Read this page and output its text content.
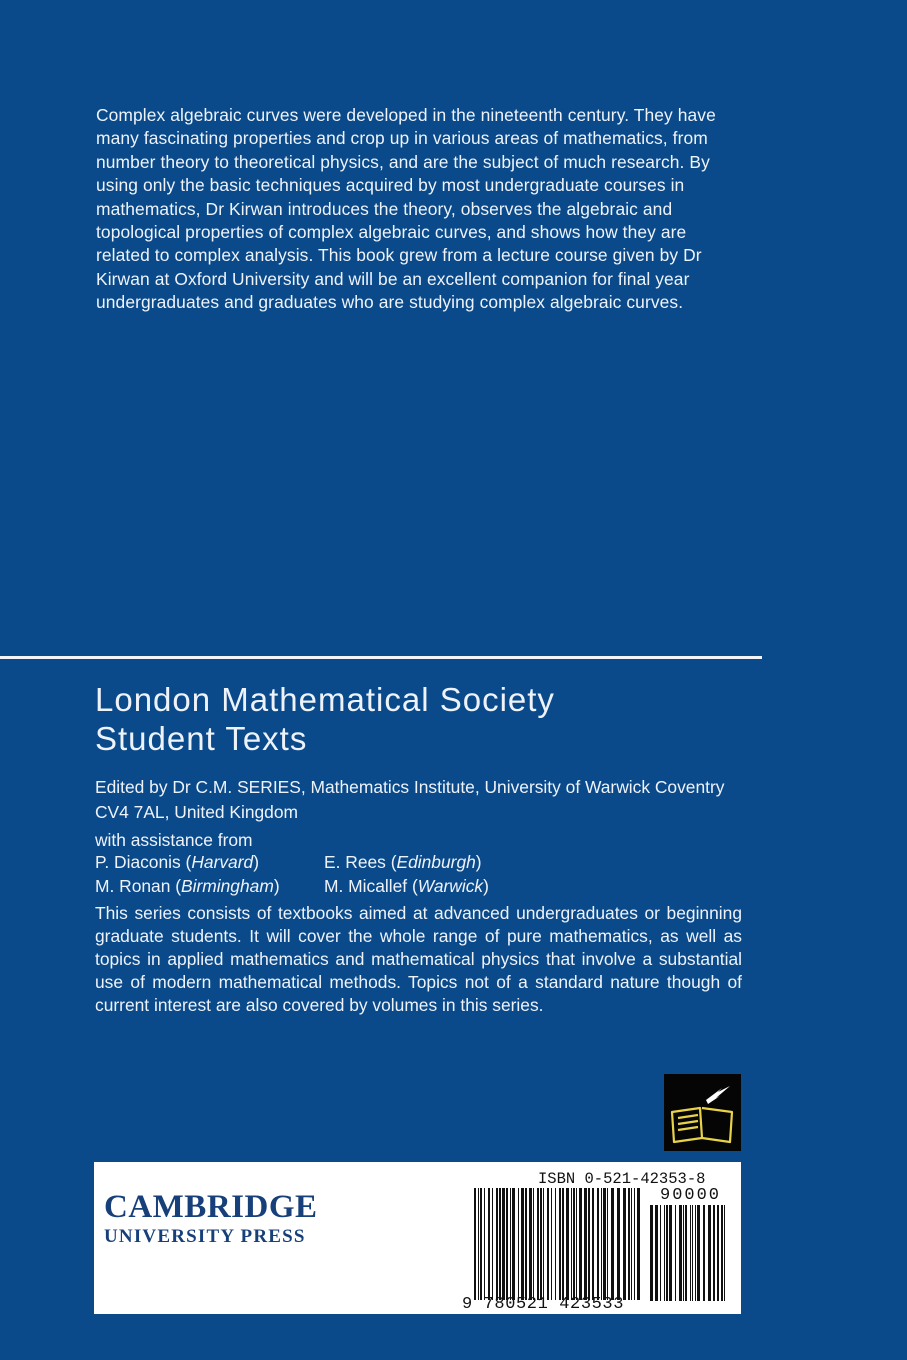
Complex algebraic curves were developed in the nineteenth century. They have many fascinating properties and crop up in various areas of mathematics, from number theory to theoretical physics, and are the subject of much research. By using only the basic techniques acquired by most undergraduate courses in mathematics, Dr Kirwan introduces the theory, observes the algebraic and topological properties of complex algebraic curves, and shows how they are related to complex analysis. This book grew from a lecture course given by Dr Kirwan at Oxford University and will be an excellent companion for final year undergraduates and graduates who are studying complex algebraic curves.
London Mathematical Society
Student Texts
Edited by Dr C.M. SERIES, Mathematics Institute, University of Warwick Coventry CV4 7AL, United Kingdom
with assistance from
P. Diaconis (Harvard)	E. Rees (Edinburgh)
M. Ronan (Birmingham)	M. Micallef (Warwick)
This series consists of textbooks aimed at advanced undergraduates or beginning graduate students. It will cover the whole range of pure mathematics, as well as topics in applied mathematics and mathematical physics that involve a substantial use of modern mathematical methods. Topics not of a standard nature though of current interest are also covered by volumes in this series.
CAMBRIDGE
UNIVERSITY PRESS
ISBN 0-521-42353-8
90000
9 780521 423533
